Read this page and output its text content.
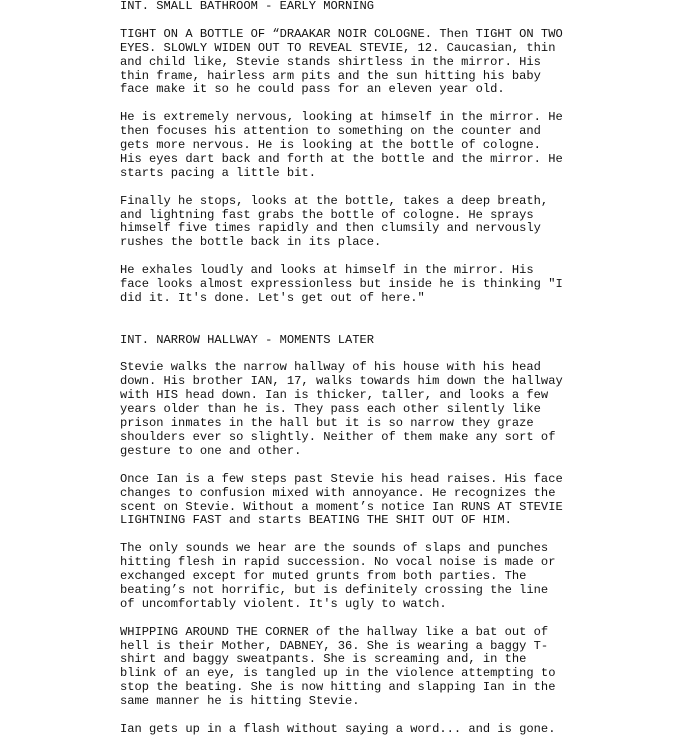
INT. SMALL BATHROOM - EARLY MORNING

TIGHT ON A BOTTLE OF “DRAAKAR NOIR COLOGNE. Then TIGHT ON TWO
EYES. SLOWLY WIDEN OUT TO REVEAL STEVIE, 12. Caucasian, thin
and child like, Stevie stands shirtless in the mirror. His
thin frame, hairless arm pits and the sun hitting his baby
face make it so he could pass for an eleven year old.

He is extremely nervous, looking at himself in the mirror. He
then focuses his attention to something on the counter and
gets more nervous. He is looking at the bottle of cologne.
His eyes dart back and forth at the bottle and the mirror. He
starts pacing a little bit.

Finally he stops, looks at the bottle, takes a deep breath,
and lightning fast grabs the bottle of cologne. He sprays
himself five times rapidly and then clumsily and nervously
rushes the bottle back in its place.

He exhales loudly and looks at himself in the mirror. His
face looks almost expressionless but inside he is thinking "I
did it. It's done. Let's get out of here."

INT. NARROW HALLWAY - MOMENTS LATER

Stevie walks the narrow hallway of his house with his head
down. His brother IAN, 17, walks towards him down the hallway
with HIS head down. Ian is thicker, taller, and looks a few
years older than he is. They pass each other silently like
prison inmates in the hall but it is so narrow they graze
shoulders ever so slightly. Neither of them make any sort of
gesture to one and other.

Once Ian is a few steps past Stevie his head raises. His face
changes to confusion mixed with annoyance. He recognizes the
scent on Stevie. Without a moment’s notice Ian RUNS AT STEVIE
LIGHTNING FAST and starts BEATING THE SHIT OUT OF HIM.

The only sounds we hear are the sounds of slaps and punches
hitting flesh in rapid succession. No vocal noise is made or
exchanged except for muted grunts from both parties. The
beating’s not horrific, but is definitely crossing the line
of uncomfortably violent. It's ugly to watch.

WHIPPING AROUND THE CORNER of the hallway like a bat out of
hell is their Mother, DABNEY, 36. She is wearing a baggy T-
shirt and baggy sweatpants. She is screaming and, in the
blink of an eye, is tangled up in the violence attempting to
stop the beating. She is now hitting and slapping Ian in the
same manner he is hitting Stevie.

Ian gets up in a flash without saying a word... and is gone.
